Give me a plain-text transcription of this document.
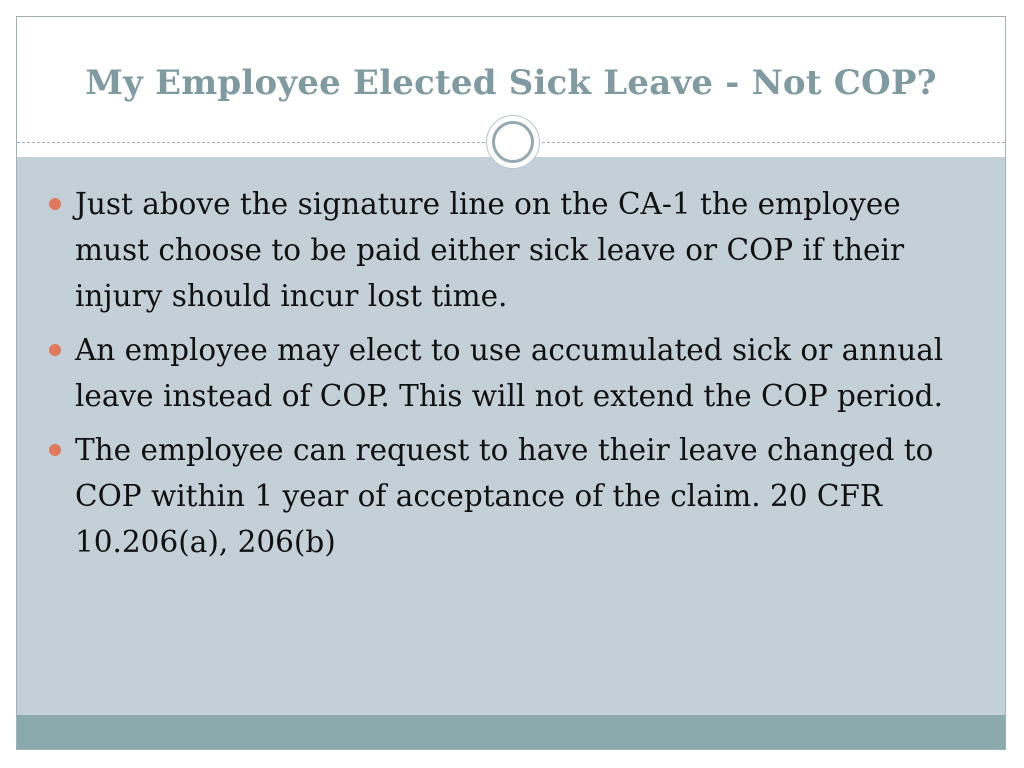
My Employee Elected Sick Leave - Not COP?
Just above the signature line on the CA-1 the employee must choose to be paid either sick leave or COP if their injury should incur lost time.
An employee may elect to use accumulated sick or annual leave instead of COP. This will not extend the COP period.
The employee can request to have their leave changed to COP within 1 year of acceptance of the claim. 20 CFR 10.206(a), 206(b)
